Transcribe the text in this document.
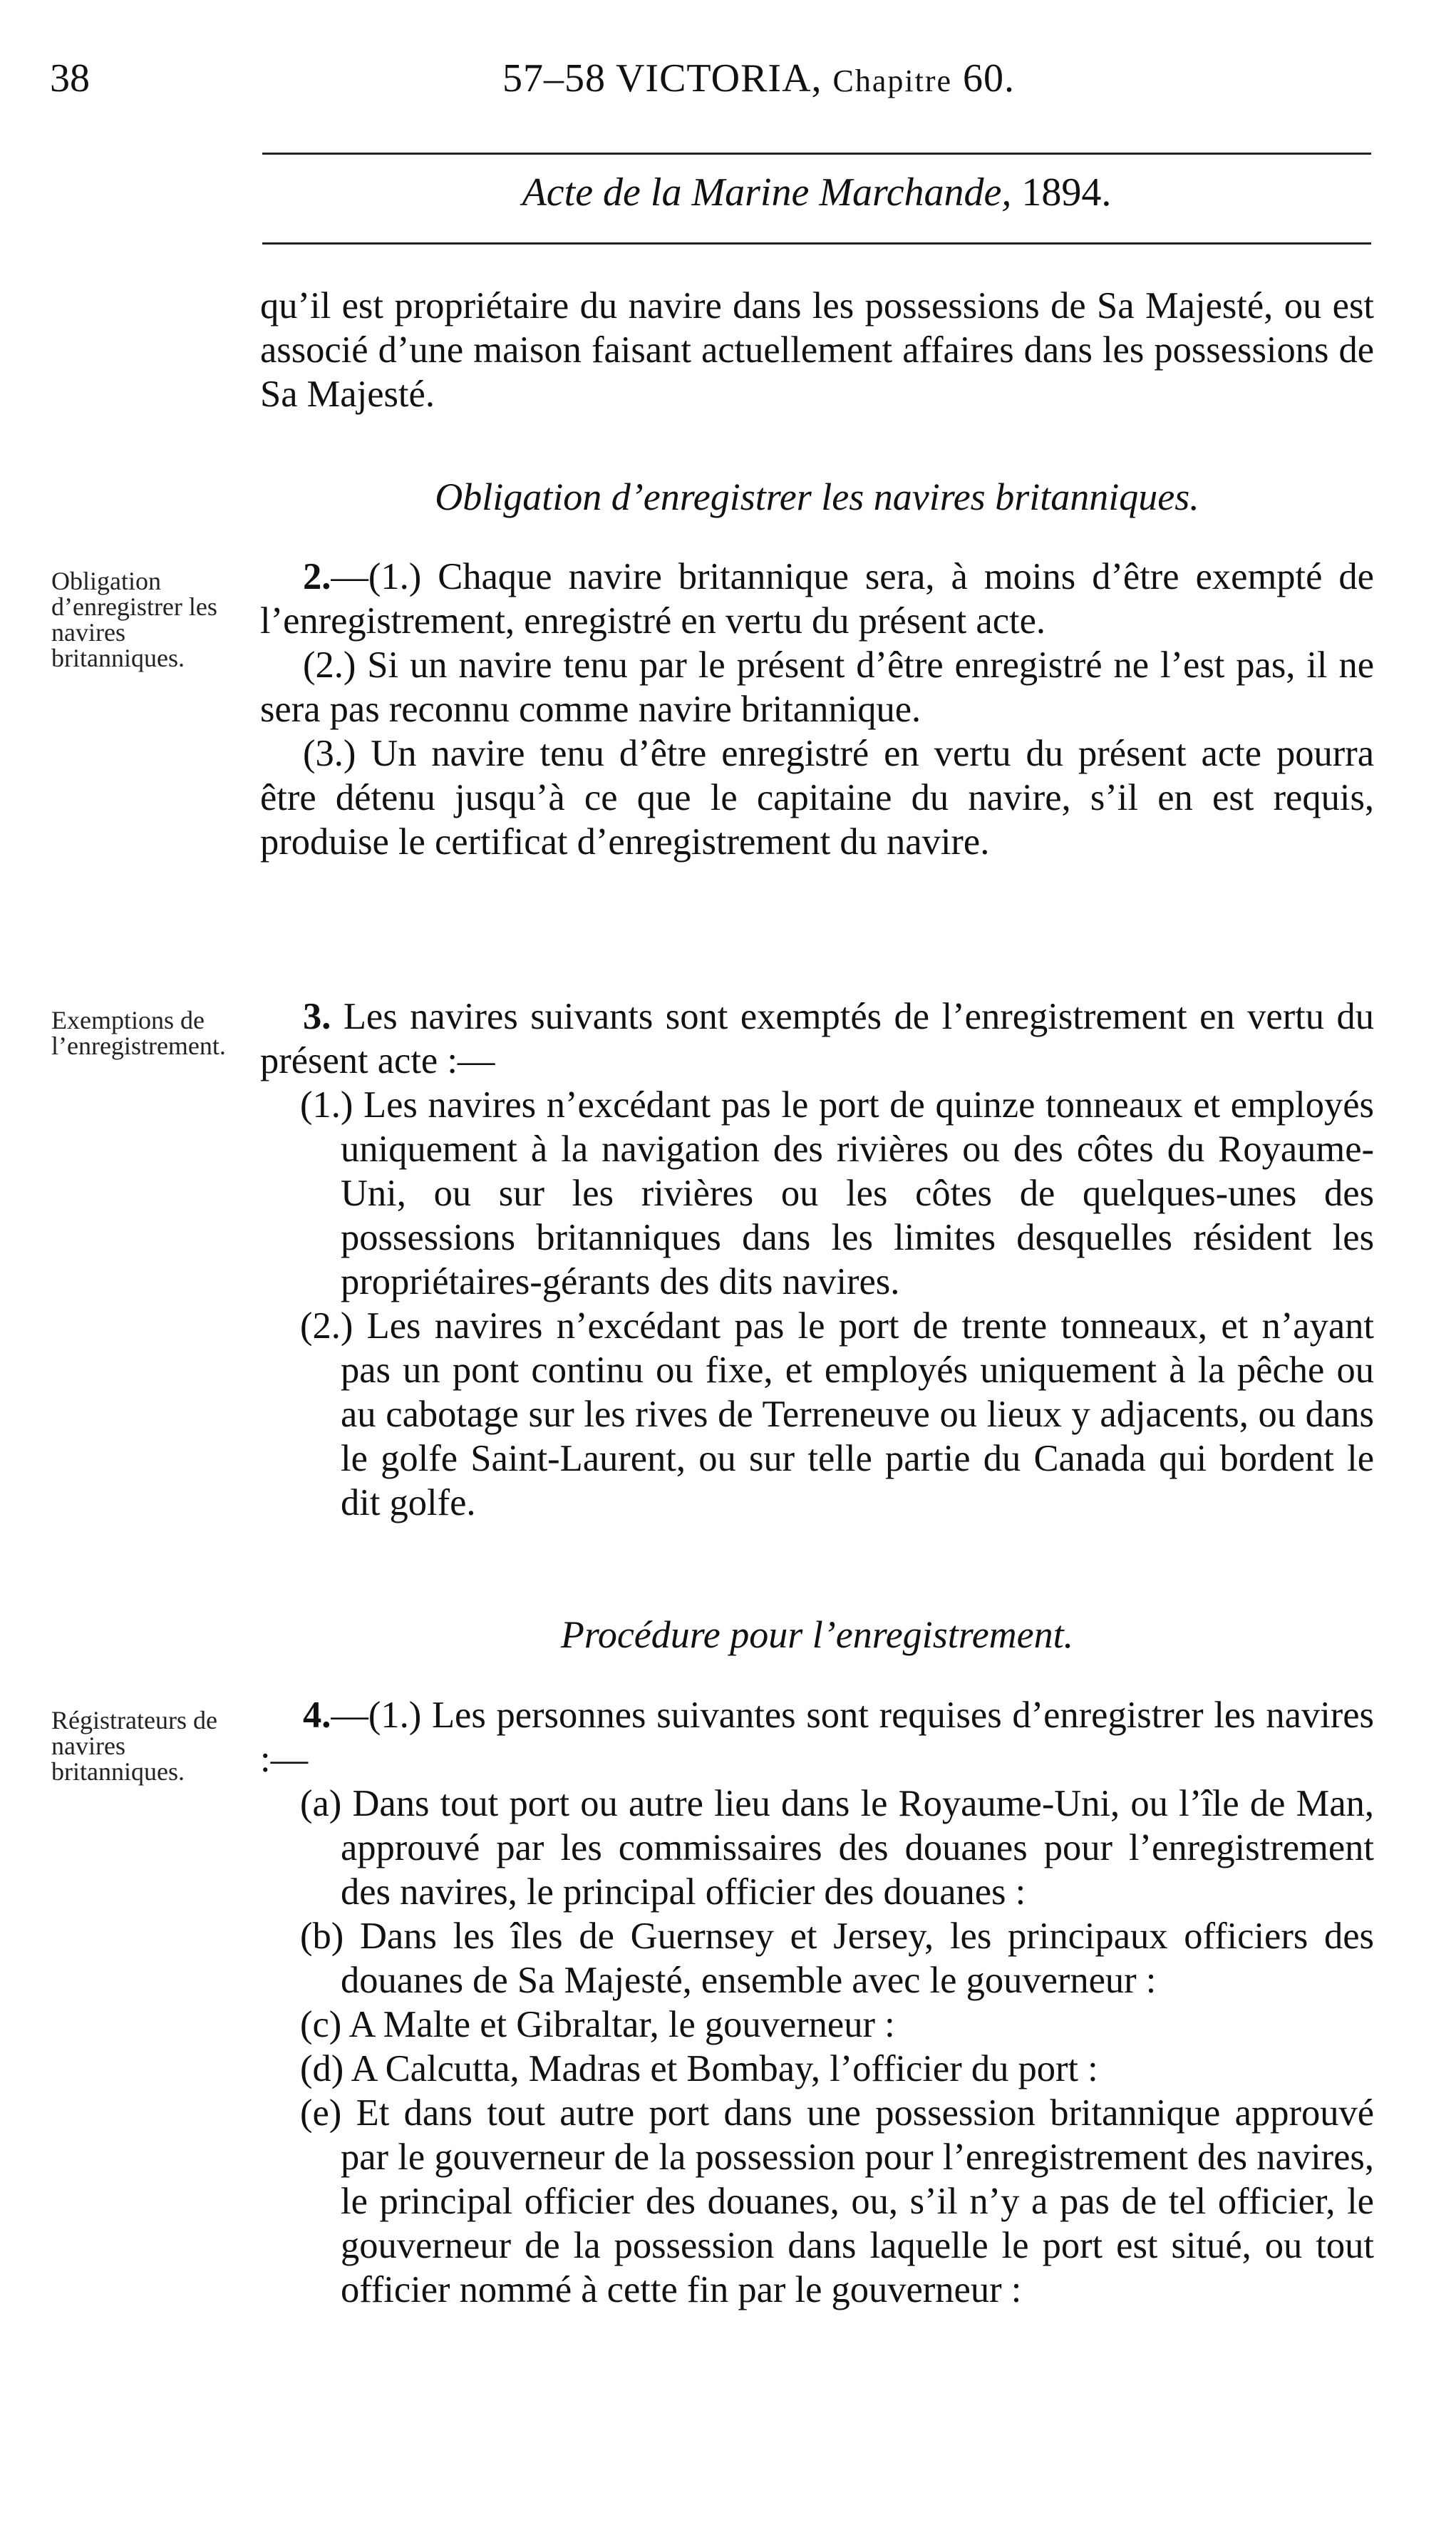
38	57–58 VICTORIA, Chapitre 60.
Acte de la Marine Marchande, 1894.

qu’il est propriétaire du navire dans les possessions de Sa Majesté, ou est associé d’une maison faisant actuellement affaires dans les possessions de Sa Majesté.

Obligation d’enregistrer les navires britanniques.
Obligation d’enregistrer les navires britanniques.

2.—(1.) Chaque navire britannique sera, à moins d’être exempté de l’enregistrement, enregistré en vertu du présent acte.

(2.) Si un navire tenu par le présent d’être enregistré ne l’est pas, il ne sera pas reconnu comme navire britannique.

(3.) Un navire tenu d’être enregistré en vertu du présent acte pourra être détenu jusqu’à ce que le capitaine du navire, s’il en est requis, produise le certificat d’enregistrement du navire.

Exemptions de l’enregistrement.

3. Les navires suivants sont exemptés de l’enregistrement en vertu du présent acte :—

(1.) Les navires n’excédant pas le port de quinze tonneaux et employés uniquement à la navigation des rivières ou des côtes du Royaume-Uni, ou sur les rivières ou les côtes de quelques-unes des possessions britanniques dans les limites desquelles résident les propriétaires-gérants des dits navires.

(2.) Les navires n’excédant pas le port de trente tonneaux, et n’ayant pas un pont continu ou fixe, et employés uniquement à la pêche ou au cabotage sur les rives de Terreneuve ou lieux y adjacents, ou dans le golfe Saint-Laurent, ou sur telle partie du Canada qui bordent le dit golfe.

Procédure pour l’enregistrement.
Régistrateurs de navires britanniques.

4.—(1.) Les personnes suivantes sont requises d’enregistrer les navires :—

(a) Dans tout port ou autre lieu dans le Royaume-Uni, ou l’île de Man, approuvé par les commissaires des douanes pour l’enregistrement des navires, le principal officier des douanes :

(b) Dans les îles de Guernsey et Jersey, les principaux officiers des douanes de Sa Majesté, ensemble avec le gouverneur :

(c) A Malte et Gibraltar, le gouverneur :

(d) A Calcutta, Madras et Bombay, l’officier du port :

(e) Et dans tout autre port dans une possession britannique approuvé par le gouverneur de la possession pour l’enregistrement des navires, le principal officier des douanes, ou, s’il n’y a pas de tel officier, le gouverneur de la possession dans laquelle le port est situé, ou tout officier nommé à cette fin par le gouverneur :
